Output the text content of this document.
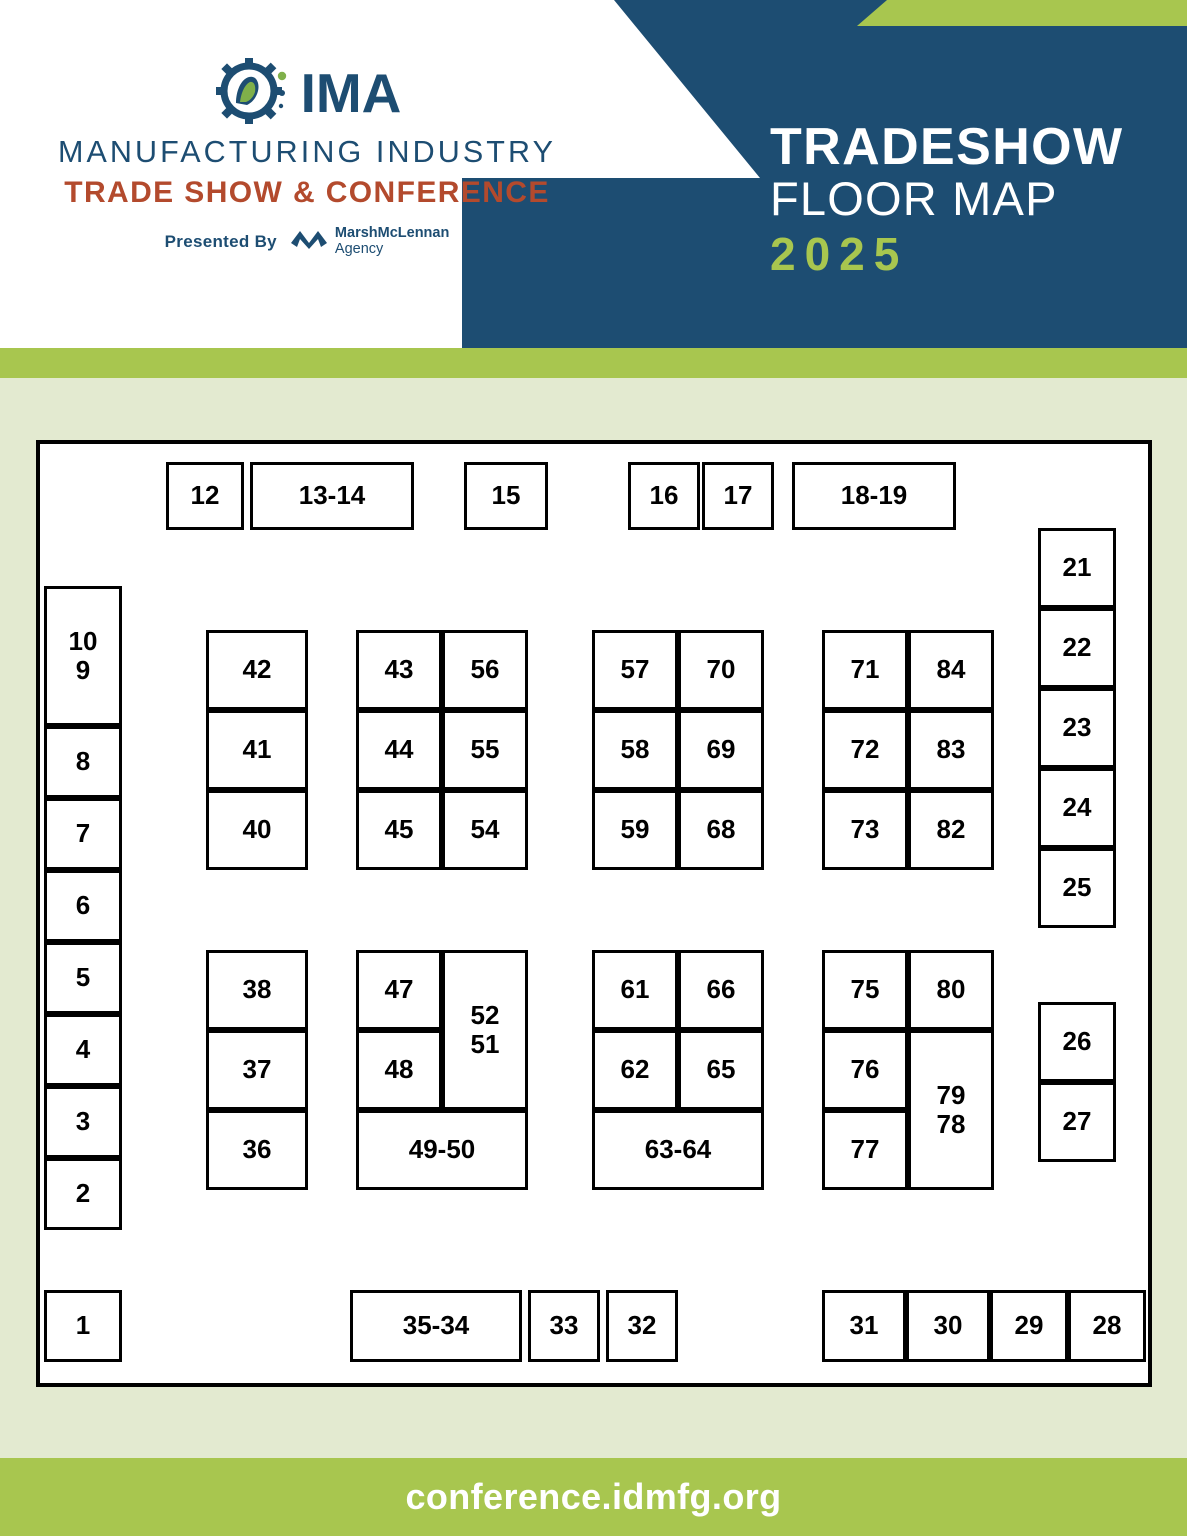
IMA
MANUFACTURING INDUSTRY
TRADE SHOW & CONFERENCE
Presented By	MarshMcLennan
Agency
TRADESHOW
FLOOR MAP
2025
12	13-14	15	16 17	18-19
21
22
23
24
25
26
27
10
9
8
7
6
5
4
3
2
1
42
41
40
43
44
45
56
55
54
57
58
59
70
69
68
71
72
73
84
83
82
38
37
36
47
48
52
51
49-50
61
62
66
65
63-64
75
76
77
80
79
78
35-34	33 32	31 30 29 28
conference.idmfg.org
